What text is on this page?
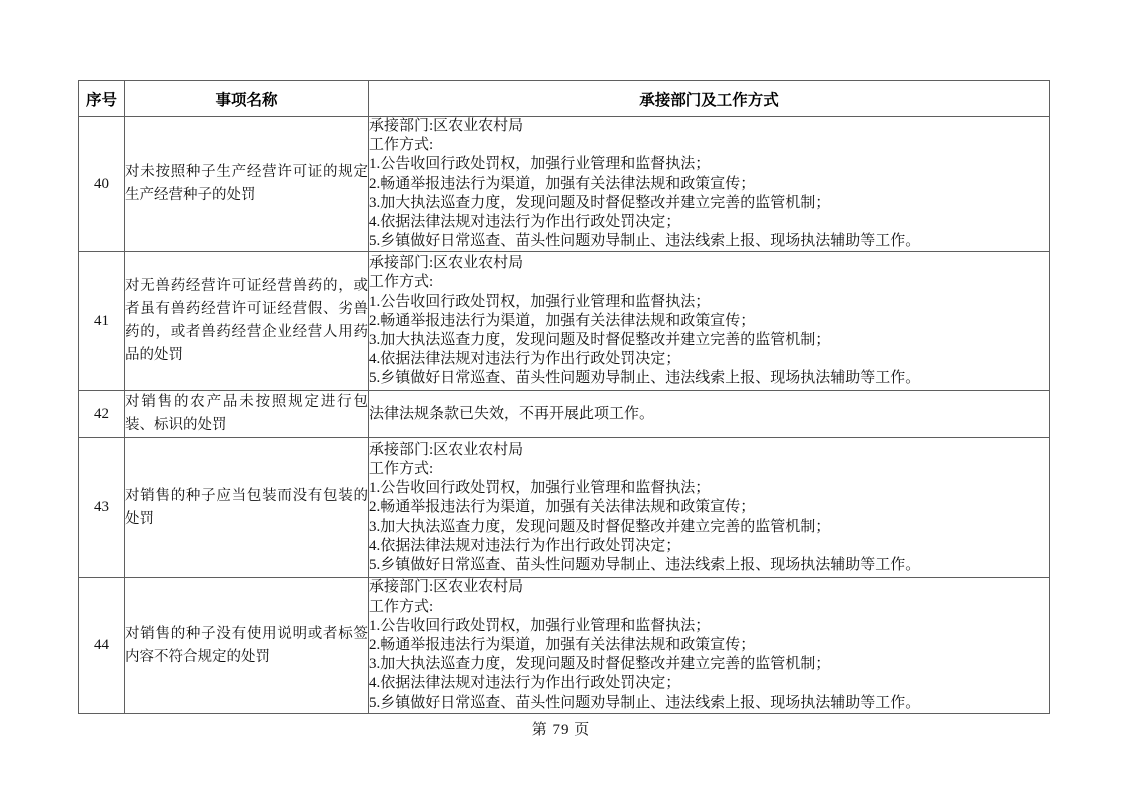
序号	事项名称	承接部门及工作方式
40	对未按照种子生产经营许可证的规定生产经营种子的处罚	
承接部门:区农业农村局
工作方式:
1.公告收回行政处罚权，加强行业管理和监督执法；
2.畅通举报违法行为渠道，加强有关法律法规和政策宣传；
3.加大执法巡查力度，发现问题及时督促整改并建立完善的监管机制；
4.依据法律法规对违法行为作出行政处罚决定；
5.乡镇做好日常巡查、苗头性问题劝导制止、违法线索上报、现场执法辅助等工作。

41	对无兽药经营许可证经营兽药的，或者虽有兽药经营许可证经营假、劣兽药的，或者兽药经营企业经营人用药品的处罚	
承接部门:区农业农村局
工作方式:
1.公告收回行政处罚权，加强行业管理和监督执法；
2.畅通举报违法行为渠道，加强有关法律法规和政策宣传；
3.加大执法巡查力度，发现问题及时督促整改并建立完善的监管机制；
4.依据法律法规对违法行为作出行政处罚决定；
5.乡镇做好日常巡查、苗头性问题劝导制止、违法线索上报、现场执法辅助等工作。

42	对销售的农产品未按照规定进行包装、标识的处罚	法律法规条款已失效，不再开展此项工作。

43	对销售的种子应当包装而没有包装的处罚	
承接部门:区农业农村局
工作方式:
1.公告收回行政处罚权，加强行业管理和监督执法；
2.畅通举报违法行为渠道，加强有关法律法规和政策宣传；
3.加大执法巡查力度，发现问题及时督促整改并建立完善的监管机制；
4.依据法律法规对违法行为作出行政处罚决定；
5.乡镇做好日常巡查、苗头性问题劝导制止、违法线索上报、现场执法辅助等工作。

44	对销售的种子没有使用说明或者标签内容不符合规定的处罚	
承接部门:区农业农村局
工作方式:
1.公告收回行政处罚权，加强行业管理和监督执法；
2.畅通举报违法行为渠道，加强有关法律法规和政策宣传；
3.加大执法巡查力度，发现问题及时督促整改并建立完善的监管机制；
4.依据法律法规对违法行为作出行政处罚决定；
5.乡镇做好日常巡查、苗头性问题劝导制止、违法线索上报、现场执法辅助等工作。
第 79 页
